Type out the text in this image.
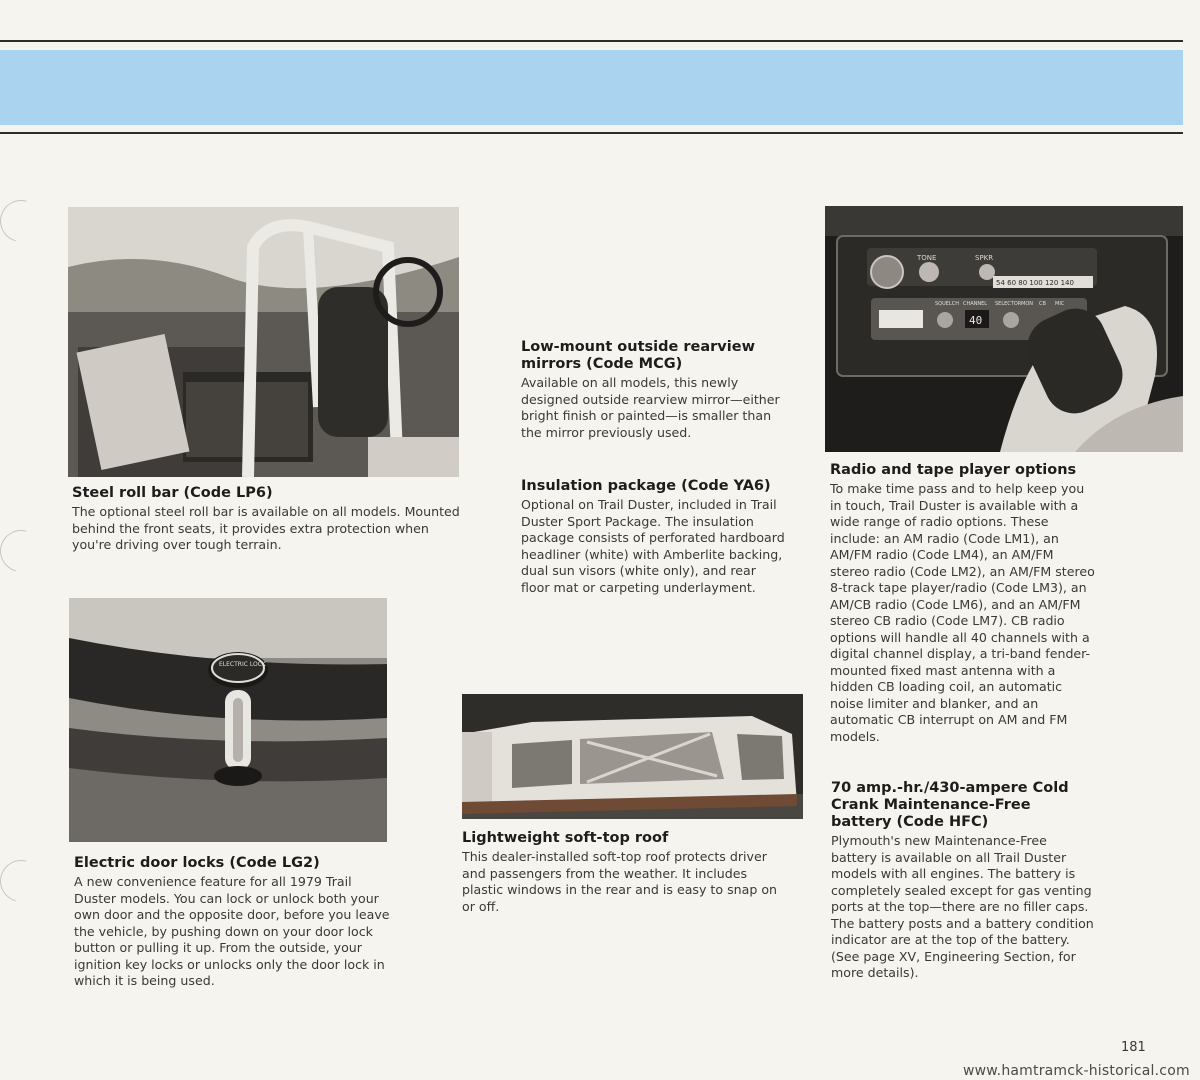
TONE	SPKR
54 60 80 100 120 140
SQUELCH CHANNEL SELECTOR MON CB MIC
40
ELECTRIC LOCK
Steel roll bar (Code LP6)

The optional steel roll bar is available on all models. Mounted behind the front seats, it provides extra protection when you're driving over tough terrain.

Low-mount outside rearview mirrors (Code MCG)

Available on all models, this newly designed outside rearview mirror—either bright finish or painted—is smaller than the mirror previously used.

Insulation package (Code YA6)

Optional on Trail Duster, included in Trail Duster Sport Package. The insulation package consists of perforated hardboard headliner (white) with Amberlite backing, dual sun visors (white only), and rear floor mat or carpeting underlayment.

Radio and tape player options

To make time pass and to help keep you in touch, Trail Duster is available with a wide range of radio options. These include: an AM radio (Code LM1), an AM/FM radio (Code LM4), an AM/FM stereo radio (Code LM2), an AM/FM stereo 8-track tape player/radio (Code LM3), an AM/CB radio (Code LM6), and an AM/FM stereo CB radio (Code LM7). CB radio options will handle all 40 channels with a digital channel display, a tri-band fender-mounted fixed mast antenna with a hidden CB loading coil, an automatic noise limiter and blanker, and an automatic CB interrupt on AM and FM models.

Electric door locks (Code LG2)

A new convenience feature for all 1979 Trail Duster models. You can lock or unlock both your own door and the opposite door, before you leave the vehicle, by pushing down on your door lock button or pulling it up. From the outside, your ignition key locks or unlocks only the door lock in which it is being used.

Lightweight soft-top roof

This dealer-installed soft-top roof protects driver and passengers from the weather. It includes plastic windows in the rear and is easy to snap on or off.

70 amp.-hr./430-ampere Cold Crank Maintenance-Free battery (Code HFC)

Plymouth's new Maintenance-Free battery is available on all Trail Duster models with all engines. The battery is completely sealed except for gas venting ports at the top—there are no filler caps. The battery posts and a battery condition indicator are at the top of the battery. (See page XV, Engineering Section, for more details).

181
www.hamtramck-historical.com
